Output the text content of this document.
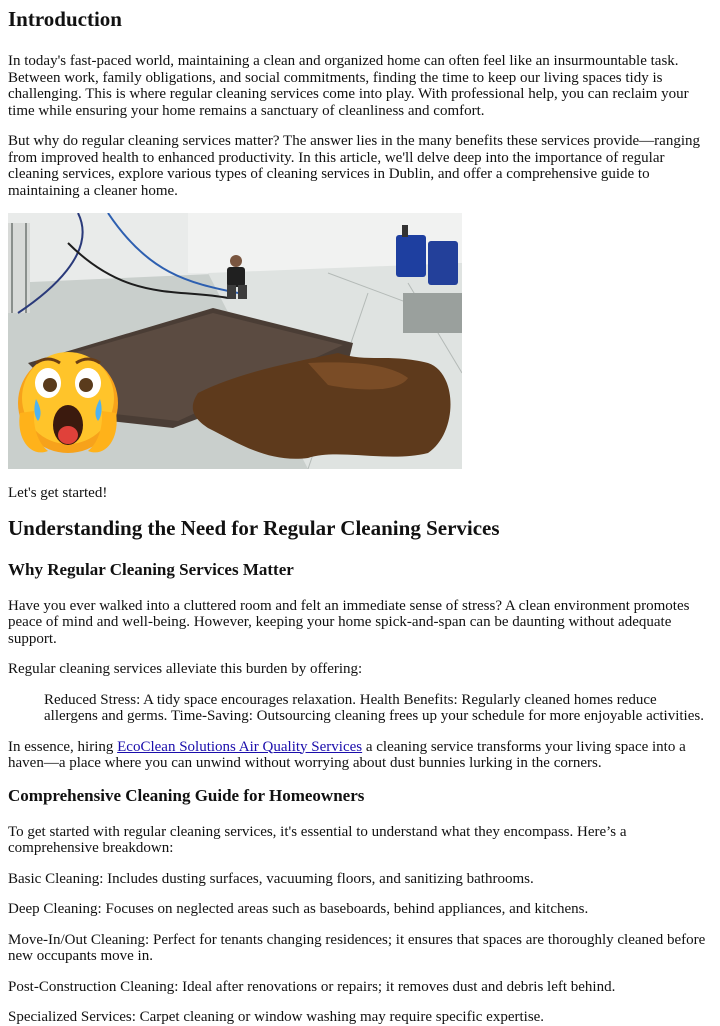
Introduction

In today's fast-paced world, maintaining a clean and organized home can often feel like an insurmountable task. Between work, family obligations, and social commitments, finding the time to keep our living spaces tidy is challenging. This is where regular cleaning services come into play. With professional help, you can reclaim your time while ensuring your home remains a sanctuary of cleanliness and comfort.

But why do regular cleaning services matter? The answer lies in the many benefits these services provide—ranging from improved health to enhanced productivity. In this article, we'll delve deep into the importance of regular cleaning services, explore various types of cleaning services in Dublin, and offer a comprehensive guide to maintaining a cleaner home.

Let's get started!

Understanding the Need for Regular Cleaning Services
Why Regular Cleaning Services Matter

Have you ever walked into a cluttered room and felt an immediate sense of stress? A clean environment promotes peace of mind and well-being. However, keeping your home spick-and-span can be daunting without adequate support.

Regular cleaning services alleviate this burden by offering:

Reduced Stress: A tidy space encourages relaxation. Health Benefits: Regularly cleaned homes reduce allergens and germs. Time-Saving: Outsourcing cleaning frees up your schedule for more enjoyable activities.

In essence, hiring EcoClean Solutions Air Quality Services a cleaning service transforms your living space into a haven—a place where you can unwind without worrying about dust bunnies lurking in the corners.

Comprehensive Cleaning Guide for Homeowners

To get started with regular cleaning services, it's essential to understand what they encompass. Here’s a comprehensive breakdown:

Basic Cleaning: Includes dusting surfaces, vacuuming floors, and sanitizing bathrooms.

Deep Cleaning: Focuses on neglected areas such as baseboards, behind appliances, and kitchens.

Move-In/Out Cleaning: Perfect for tenants changing residences; it ensures that spaces are thoroughly cleaned before new occupants move in.

Post-Construction Cleaning: Ideal after renovations or repairs; it removes dust and debris left behind.

Specialized Services: Carpet cleaning or window washing may require specific expertise.
